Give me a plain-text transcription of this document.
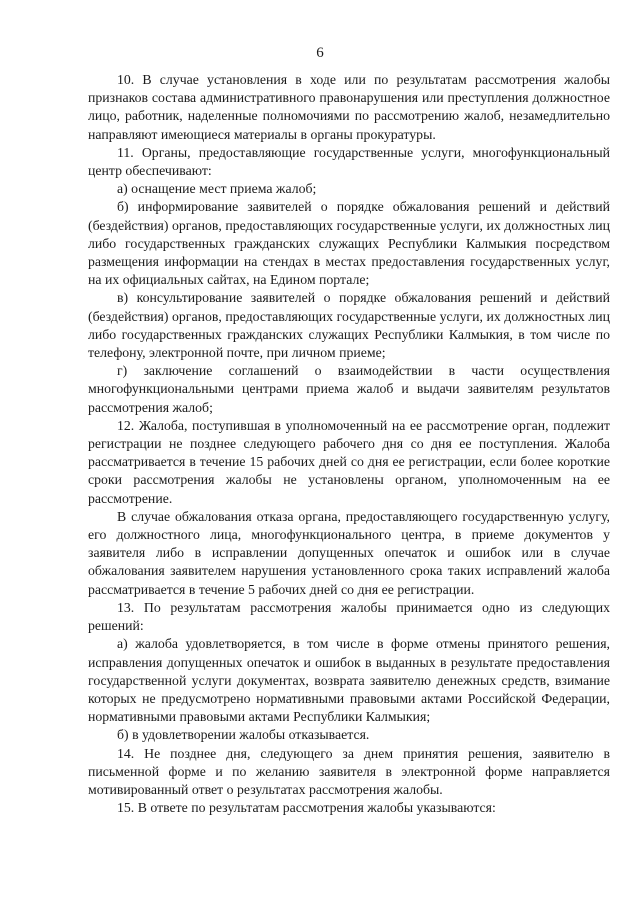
6

10. В случае установления в ходе или по результатам рассмотрения жалобы признаков состава административного правонарушения или преступления должностное лицо, работник, наделенные полномочиями по рассмотрению жалоб, незамедлительно направляют имеющиеся материалы в органы прокуратуры.

11. Органы, предоставляющие государственные услуги, многофункциональный центр обеспечивают:

а) оснащение мест приема жалоб;

б) информирование заявителей о порядке обжалования решений и действий (бездействия) органов, предоставляющих государственные услуги, их должностных лиц либо государственных гражданских служащих Республики Калмыкия посредством размещения информации на стендах в местах предоставления государственных услуг, на их официальных сайтах, на Едином портале;

в) консультирование заявителей о порядке обжалования решений и действий (бездействия) органов, предоставляющих государственные услуги, их должностных лиц либо государственных гражданских служащих Республики Калмыкия, в том числе по телефону, электронной почте, при личном приеме;

г) заключение соглашений о взаимодействии в части осуществления многофункциональными центрами приема жалоб и выдачи заявителям результатов рассмотрения жалоб;

12. Жалоба, поступившая в уполномоченный на ее рассмотрение орган, подлежит регистрации не позднее следующего рабочего дня со дня ее поступления. Жалоба рассматривается в течение 15 рабочих дней со дня ее регистрации, если более короткие сроки рассмотрения жалобы не установлены органом, уполномоченным на ее рассмотрение.

В случае обжалования отказа органа, предоставляющего государственную услугу, его должностного лица, многофункционального центра, в приеме документов у заявителя либо в исправлении допущенных опечаток и ошибок или в случае обжалования заявителем нарушения установленного срока таких исправлений жалоба рассматривается в течение 5 рабочих дней со дня ее регистрации.

13. По результатам рассмотрения жалобы принимается одно из следующих решений:

а) жалоба удовлетворяется, в том числе в форме отмены принятого решения, исправления допущенных опечаток и ошибок в выданных в результате предоставления государственной услуги документах, возврата заявителю денежных средств, взимание которых не предусмотрено нормативными правовыми актами Российской Федерации, нормативными правовыми актами Республики Калмыкия;

б) в удовлетворении жалобы отказывается.

14. Не позднее дня, следующего за днем принятия решения, заявителю в письменной форме и по желанию заявителя в электронной форме направляется мотивированный ответ о результатах рассмотрения жалобы.

15. В ответе по результатам рассмотрения жалобы указываются:
